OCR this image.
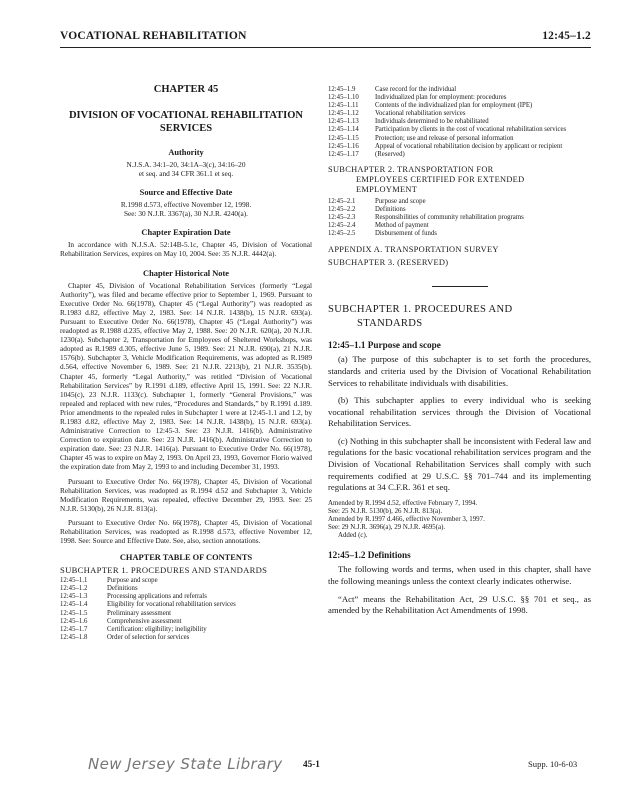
VOCATIONAL REHABILITATION	12:45–1.2
CHAPTER 45
DIVISION OF VOCATIONAL REHABILITATION SERVICES
Authority
N.J.S.A. 34:1–20, 34:1A–3(c), 34:16–20
et seq. and 34 CFR 361.1 et seq.
Source and Effective Date
R.1998 d.573, effective November 12, 1998.
See: 30 N.J.R. 3367(a), 30 N.J.R. 4240(a).
Chapter Expiration Date

In accordance with N.J.S.A. 52:14B-5.1c, Chapter 45, Division of Vocational Rehabilitation Services, expires on May 10, 2004. See: 35 N.J.R. 4442(a).

Chapter Historical Note

Chapter 45, Division of Vocational Rehabilitation Services (formerly “Legal Authority”), was filed and became effective prior to September 1, 1969. Pursuant to Executive Order No. 66(1978), Chapter 45 (“Legal Authority”) was readopted as R.1983 d.82, effective May 2, 1983. See: 14 N.J.R. 1438(b), 15 N.J.R. 693(a). Pursuant to Executive Order No. 66(1978), Chapter 45 (“Legal Authority”) was readopted as R.1988 d.235, effective May 2, 1988. See: 20 N.J.R. 620(a), 20 N.J.R. 1230(a). Subchapter 2, Transportation for Employees of Sheltered Workshops, was adopted as R.1989 d.305, effective June 5, 1989. See: 21 N.J.R. 690(a), 21 N.J.R. 1576(b). Subchapter 3, Vehicle Modification Requirements, was adopted as R.1989 d.564, effective November 6, 1989. See: 21 N.J.R. 2213(b), 21 N.J.R. 3535(b). Chapter 45, formerly “Legal Authority,” was retitled “Division of Vocational Rehabilitation Services” by R.1991 d.189, effective April 15, 1991. See: 22 N.J.R. 1045(c), 23 N.J.R. 1133(c). Subchapter 1, formerly “General Provisions,” was repealed and replaced with new rules, “Procedures and Standards,” by R.1991 d.189. Prior amendments to the repealed rules in Subchapter 1 were at 12:45-1.1 and 1.2, by R.1983 d.82, effective May 2, 1983. See: 14 N.J.R. 1438(b), 15 N.J.R. 693(a). Administrative Correction to 12:45-3. See: 23 N.J.R. 1416(b). Administrative Correction to expiration date. See: 23 N.J.R. 1416(b). Administrative Correction to expiration date. See: 23 N.J.R. 1416(a). Pursuant to Executive Order No. 66(1978), Chapter 45 was to expire on May 2, 1993. On April 23, 1993, Governor Florio waived the expiration date from May 2, 1993 to and including December 31, 1993.

Pursuant to Executive Order No. 66(1978), Chapter 45, Division of Vocational Rehabilitation Services, was readopted as R.1994 d.52 and Subchapter 3, Vehicle Modification Requirements, was repealed, effective December 29, 1993. See: 25 N.J.R. 5130(b), 26 N.J.R. 813(a).

Pursuant to Executive Order No. 66(1978), Chapter 45, Division of Vocational Rehabilitation Services, was readopted as R.1998 d.573, effective November 12, 1998. See: Source and Effective Date. See, also, section annotations.

CHAPTER TABLE OF CONTENTS
SUBCHAPTER 1. PROCEDURES AND STANDARDS
12:45–1.1	Purpose and scope
12:45–1.2	Definitions
12:45–1.3	Processing applications and referrals
12:45–1.4	Eligibility for vocational rehabilitation services
12:45–1.5	Preliminary assessment
12:45–1.6	Comprehensive assessment
12:45–1.7	Certification: eligibility; ineligibility
12:45–1.8	Order of selection for services
12:45–1.9	Case record for the individual
12:45–1.10	Individualized plan for employment: procedures
12:45–1.11	Contents of the individualized plan for employment (IPE)
12:45–1.12	Vocational rehabilitation services
12:45–1.13	Individuals determined to be rehabilitated
12:45–1.14	Participation by clients in the cost of vocational rehabilitation services
12:45–1.15	Protection; use and release of personal information
12:45–1.16	Appeal of vocational rehabilitation decision by applicant or recipient
12:45–1.17	(Reserved)
SUBCHAPTER 2. TRANSPORTATION FOR
EMPLOYEES CERTIFIED FOR EXTENDED
EMPLOYMENT
12:45–2.1	Purpose and scope
12:45–2.2	Definitions
12:45–2.3	Responsibilities of community rehabilitation programs
12:45–2.4	Method of payment
12:45–2.5	Disbursement of funds
APPENDIX A. TRANSPORTATION SURVEY
SUBCHAPTER 3. (RESERVED)
SUBCHAPTER 1. PROCEDURES AND
STANDARDS
12:45–1.1 Purpose and scope

(a) The purpose of this subchapter is to set forth the procedures, standards and criteria used by the Division of Vocational Rehabilitation Services to rehabilitate individuals with disabilities.

(b) This subchapter applies to every individual who is seeking vocational rehabilitation services through the Division of Vocational Rehabilitation Services.

(c) Nothing in this subchapter shall be inconsistent with Federal law and regulations for the basic vocational rehabilitation services program and the Division of Vocational Rehabilitation Services shall comply with such requirements codified at 29 U.S.C. §§ 701–744 and its implementing regulations at 34 C.F.R. 361 et seq.

Amended by R.1994 d.52, effective February 7, 1994.
See: 25 N.J.R. 5130(b), 26 N.J.R. 813(a).
Amended by R.1997 d.466, effective November 3, 1997.
See: 29 N.J.R. 3696(a), 29 N.J.R. 4695(a).
Added (c).
12:45–1.2 Definitions

The following words and terms, when used in this chapter, shall have the following meanings unless the context clearly indicates otherwise.

“Act” means the Rehabilitation Act, 29 U.S.C. §§ 701 et seq., as amended by the Rehabilitation Act Amendments of 1998.

New Jersey State Library 45-1	Supp. 10-6-03
